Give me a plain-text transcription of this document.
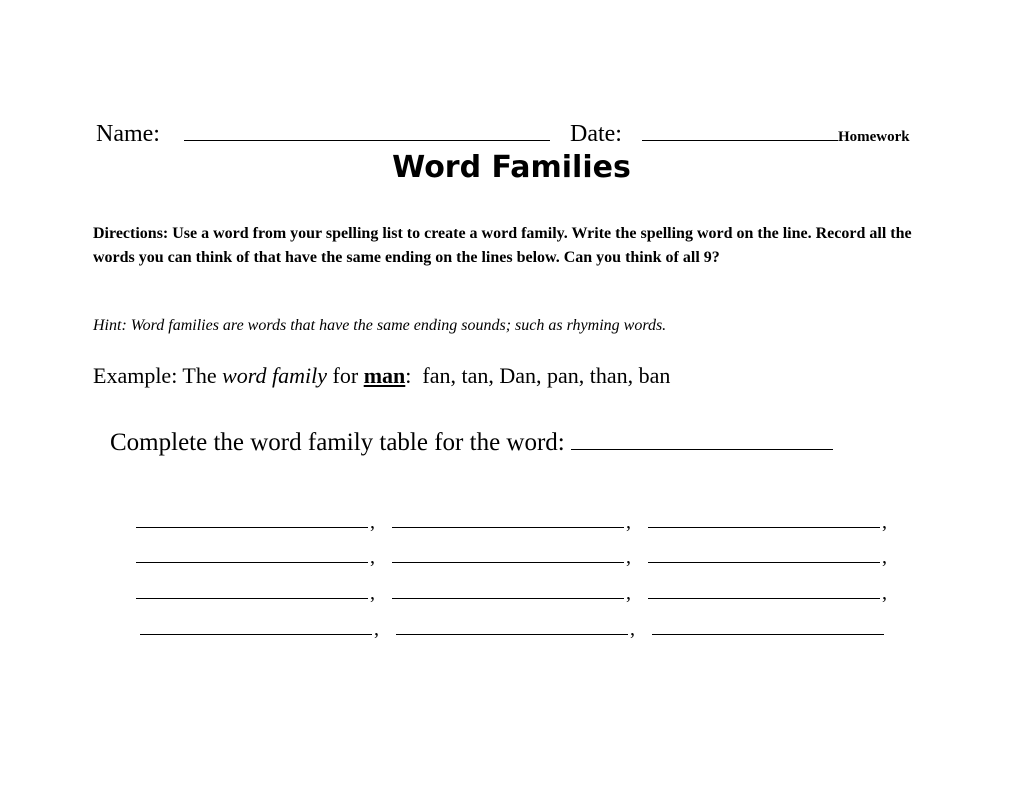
Name:	Date:	Homework
Word Families
Directions: Use a word from your spelling list to create a word family. Write the spelling word on the line. Record all the words you can think of that have the same ending on the lines below. Can you think of all 9?
Hint: Word families are words that have the same ending sounds; such as rhyming words.
Example: The word family for man: fan, tan, Dan, pan, than, ban
Complete the word family table for the word:
,	,	,
,	,	,
,	,	,
,	,
